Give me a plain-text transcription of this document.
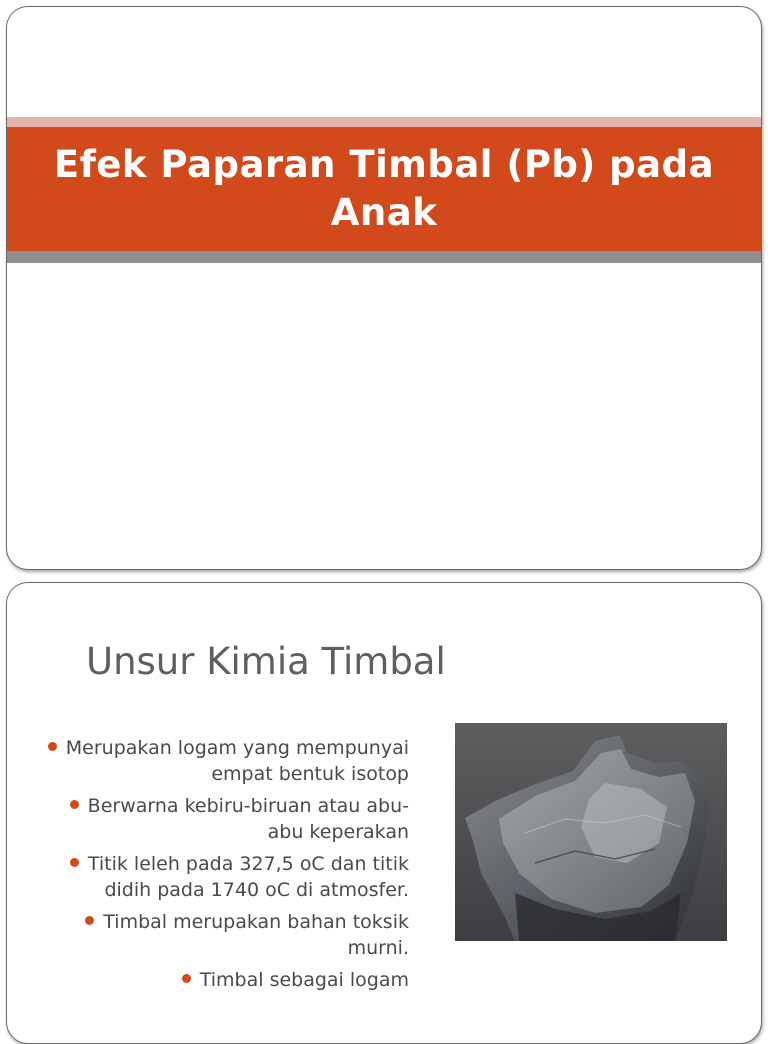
Efek Paparan Timbal (Pb) pada Anak
Unsur Kimia Timbal
Merupakan logam yang mempunyai empat bentuk isotop
Berwarna kebiru-biruan atau abu-abu keperakan
Titik leleh pada 327,5 oC dan titik didih pada 1740 oC di atmosfer.
Timbal merupakan bahan toksik murni.
Timbal sebagai logam
